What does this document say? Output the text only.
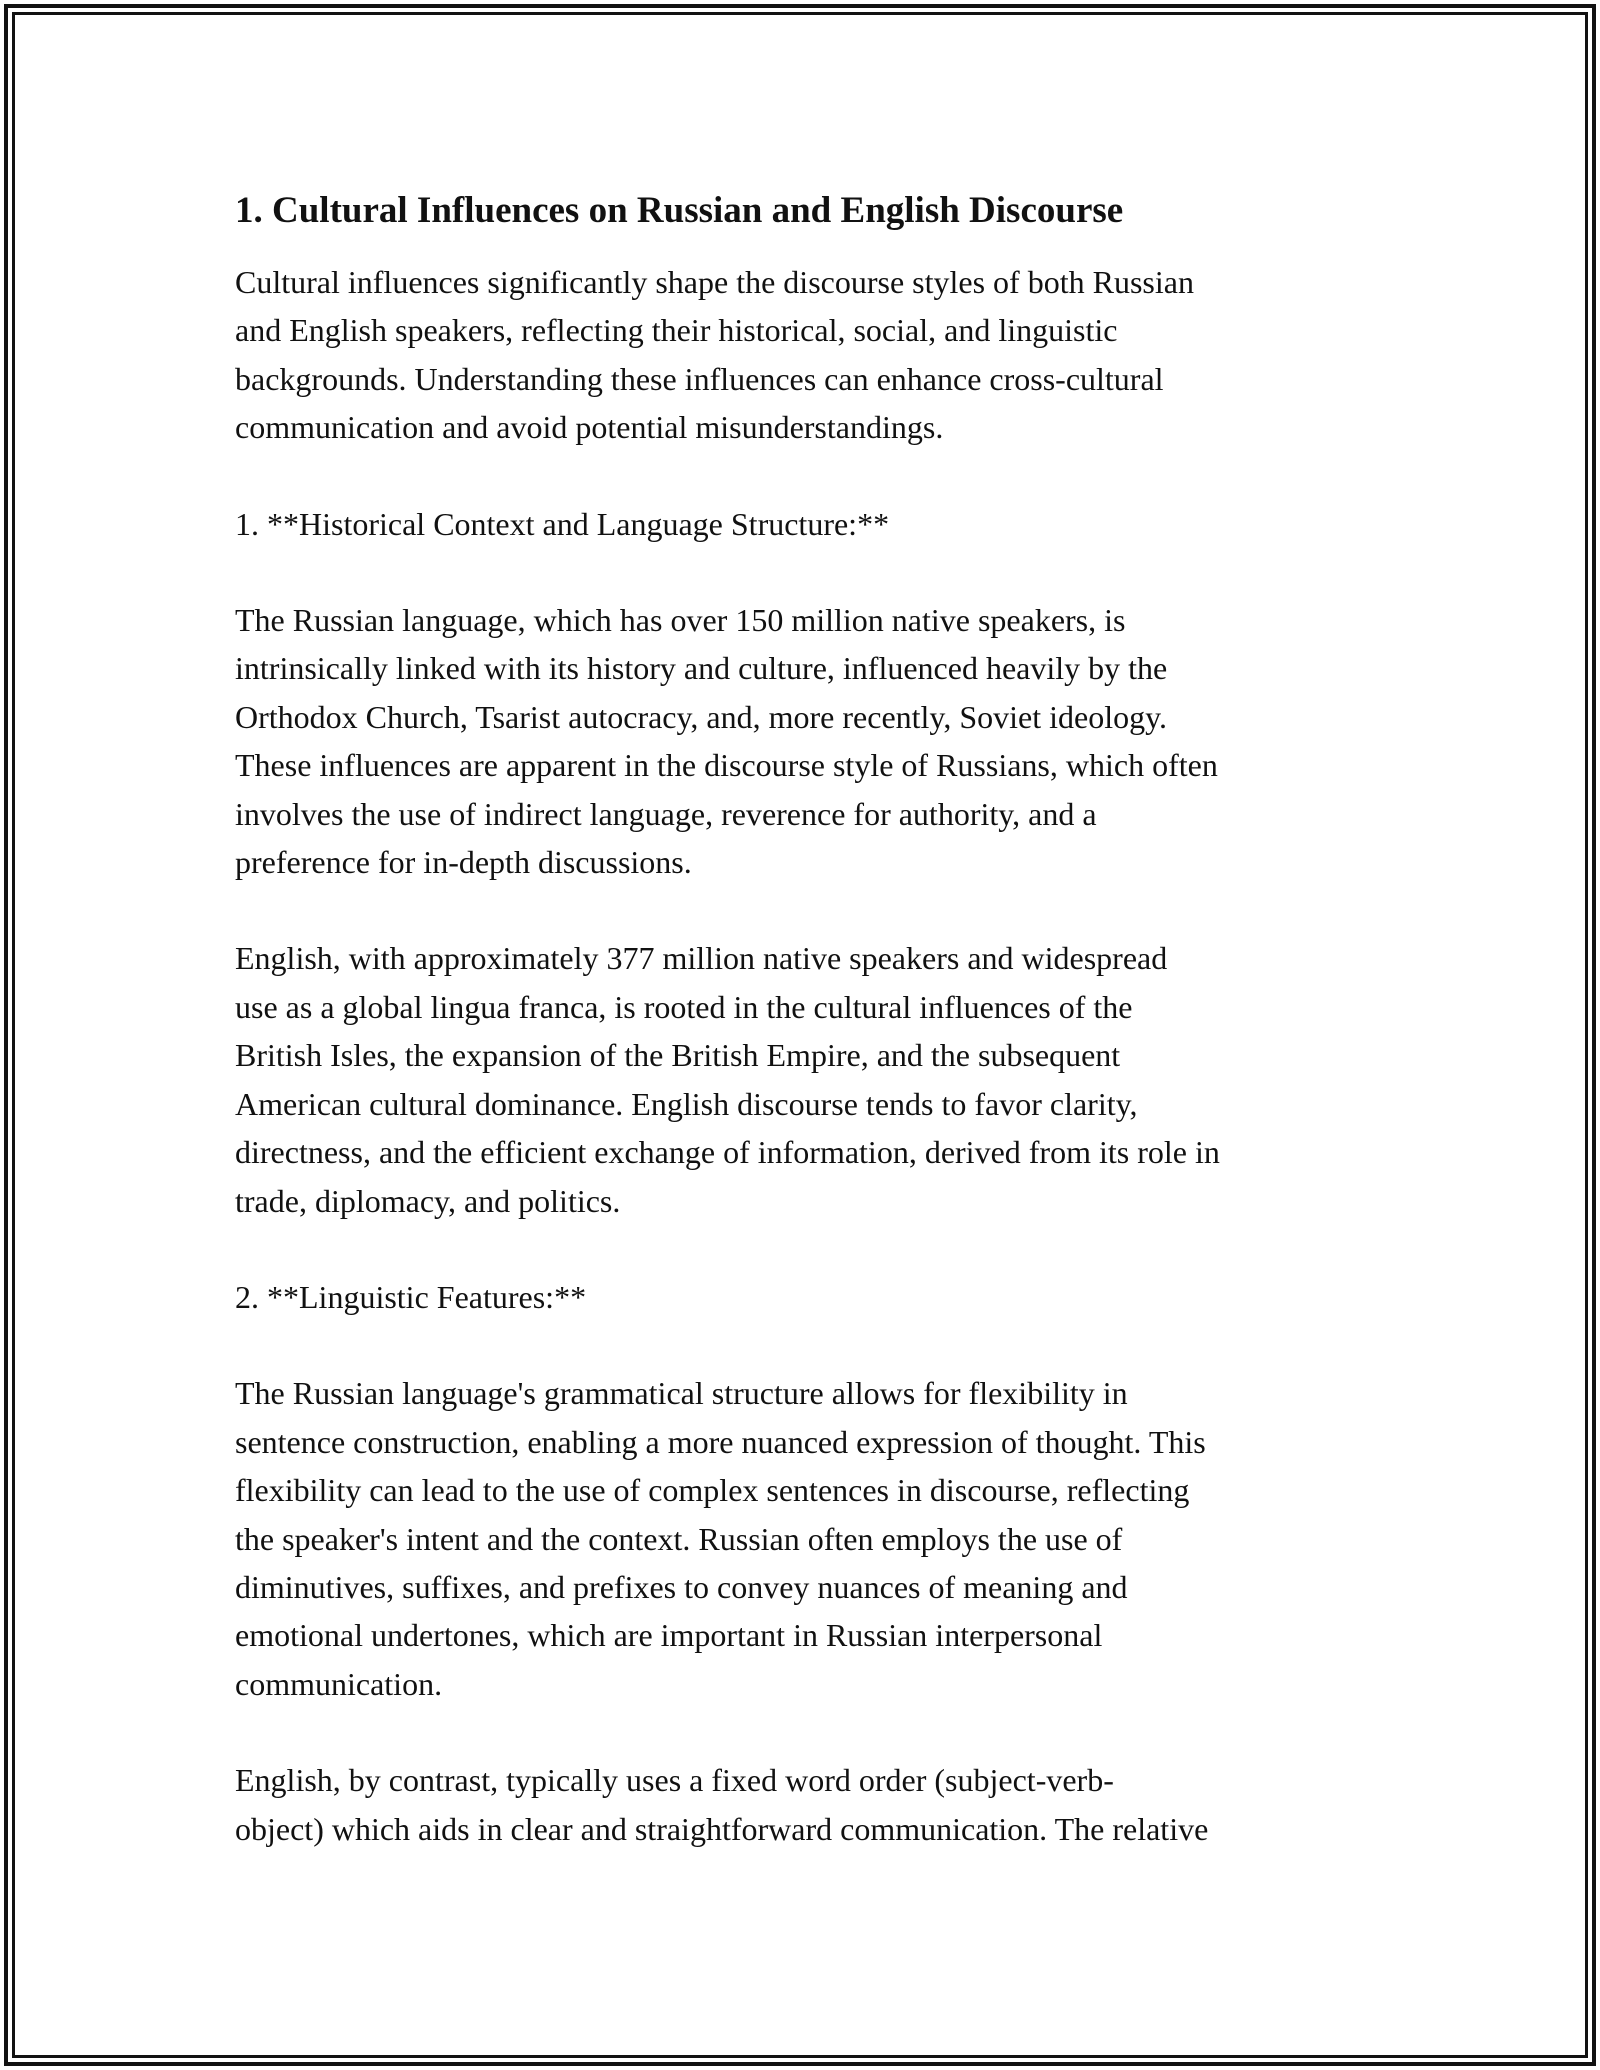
1. Cultural Influences on Russian and English Discourse

Cultural influences significantly shape the discourse styles of both Russian
and English speakers, reflecting their historical, social, and linguistic
backgrounds. Understanding these influences can enhance cross-cultural
communication and avoid potential misunderstandings.

1. **Historical Context and Language Structure:**

The Russian language, which has over 150 million native speakers, is
intrinsically linked with its history and culture, influenced heavily by the
Orthodox Church, Tsarist autocracy, and, more recently, Soviet ideology.
These influences are apparent in the discourse style of Russians, which often
involves the use of indirect language, reverence for authority, and a
preference for in-depth discussions.

English, with approximately 377 million native speakers and widespread
use as a global lingua franca, is rooted in the cultural influences of the
British Isles, the expansion of the British Empire, and the subsequent
American cultural dominance. English discourse tends to favor clarity,
directness, and the efficient exchange of information, derived from its role in
trade, diplomacy, and politics.

2. **Linguistic Features:**

The Russian language's grammatical structure allows for flexibility in
sentence construction, enabling a more nuanced expression of thought. This
flexibility can lead to the use of complex sentences in discourse, reflecting
the speaker's intent and the context. Russian often employs the use of
diminutives, suffixes, and prefixes to convey nuances of meaning and
emotional undertones, which are important in Russian interpersonal
communication.

English, by contrast, typically uses a fixed word order (subject-verb-
object) which aids in clear and straightforward communication. The relative
